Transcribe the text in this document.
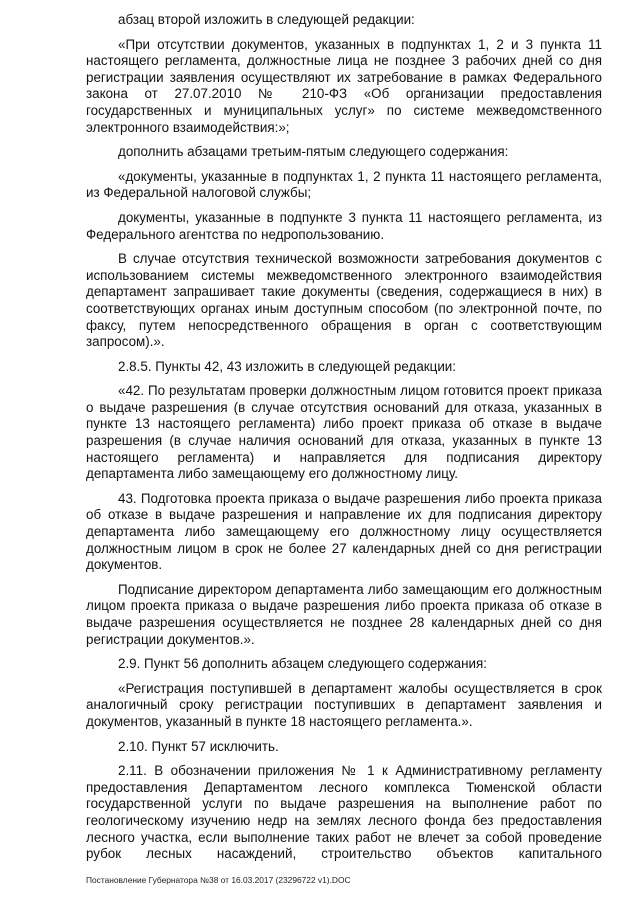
абзац второй изложить в следующей редакции:

«При отсутствии документов, указанных в подпунктах 1, 2 и 3 пункта 11 настоящего регламента, должностные лица не позднее 3 рабочих дней со дня регистрации заявления осуществляют их затребование в рамках Федерального закона от 27.07.2010 № 210-ФЗ «Об организации предоставления государственных и муниципальных услуг» по системе межведомственного электронного взаимодействия:»;

дополнить абзацами третьим-пятым следующего содержания:

«документы, указанные в подпунктах 1, 2 пункта 11 настоящего регламента, из Федеральной налоговой службы;

документы, указанные в подпункте 3 пункта 11 настоящего регламента, из Федерального агентства по недропользованию.

В случае отсутствия технической возможности затребования документов с использованием системы межведомственного электронного взаимодействия департамент запрашивает такие документы (сведения, содержащиеся в них) в соответствующих органах иным доступным способом (по электронной почте, по факсу, путем непосредственного обращения в орган с соответствующим запросом).».

2.8.5. Пункты 42, 43 изложить в следующей редакции:

«42. По результатам проверки должностным лицом готовится проект приказа о выдаче разрешения (в случае отсутствия оснований для отказа, указанных в пункте 13 настоящего регламента) либо проект приказа об отказе в выдаче разрешения (в случае наличия оснований для отказа, указанных в пункте 13 настоящего регламента) и направляется для подписания директору департамента либо замещающему его должностному лицу.

43. Подготовка проекта приказа о выдаче разрешения либо проекта приказа об отказе в выдаче разрешения и направление их для подписания директору департамента либо замещающему его должностному лицу осуществляется должностным лицом в срок не более 27 календарных дней со дня регистрации документов.

Подписание директором департамента либо замещающим его должностным лицом проекта приказа о выдаче разрешения либо проекта приказа об отказе в выдаче разрешения осуществляется не позднее 28 календарных дней со дня регистрации документов.».

2.9. Пункт 56 дополнить абзацем следующего содержания:

«Регистрация поступившей в департамент жалобы осуществляется в срок аналогичный сроку регистрации поступивших в департамент заявления и документов, указанный в пункте 18 настоящего регламента.».

2.10. Пункт 57 исключить.

2.11. В обозначении приложения № 1 к Административному регламенту предоставления Департаментом лесного комплекса Тюменской области государственной услуги по выдаче разрешения на выполнение работ по геологическому изучению недр на землях лесного фонда без предоставления лесного участка, если выполнение таких работ не влечет за собой проведение рубок лесных насаждений, строительство объектов капитального

Постановление Губернатора №38 от 16.03.2017 (23296722 v1).DOC
